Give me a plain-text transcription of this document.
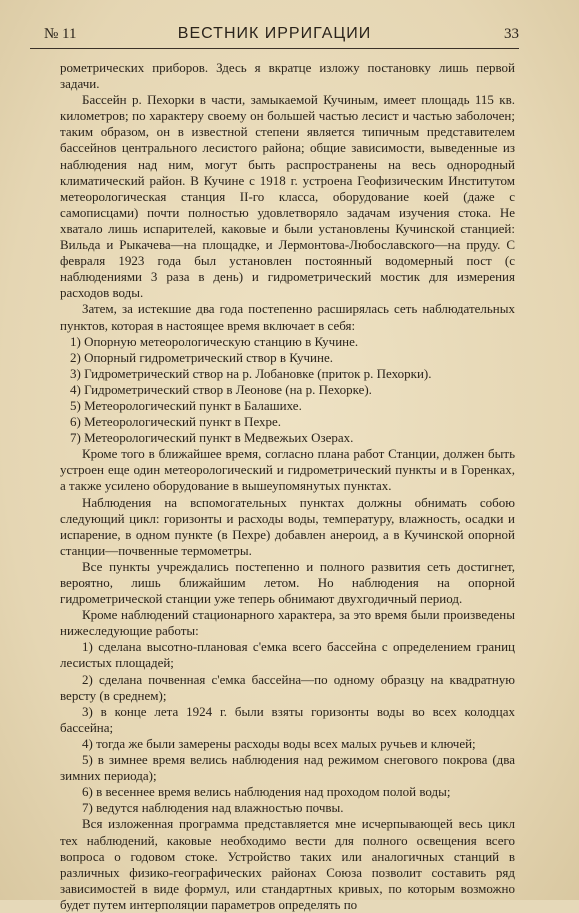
№ 11	ВЕСТНИК ИРРИГАЦИИ	33

рометрических приборов. Здесь я вкратце изложу постановку лишь первой задачи.

Бассейн р. Пехорки в части, замыкаемой Кучиным, имеет площадь 115 кв. километров; по характеру своему он большей частью лесист и частью заболочен; таким образом, он в известной степени является типичным представителем бассейнов центрального лесистого района; общие зависимости, выведенные из наблюдения над ним, могут быть распространены на весь однородный климатический район. В Кучине с 1918 г. устроена Геофизическим Институтом метеорологическая станция II-го класса, оборудование коей (даже с самописцами) почти полностью удовлетворяло задачам изучения стока. Не хватало лишь испарителей, каковые и были установлены Кучинской станцией: Вильда и Рыкачева—на площадке, и Лермонтова-Любославского—на пруду. С февраля 1923 года был установлен постоянный водомерный пост (с наблюдениями 3 раза в день) и гидрометрический мостик для измерения расходов воды.

Затем, за истекшие два года постепенно расширялась сеть наблюдательных пунктов, которая в настоящее время включает в себя:

1) Опорную метеорологическую станцию в Кучине.

2) Опорный гидрометрический створ в Кучине.

3) Гидрометрический створ на р. Лобановке (приток р. Пехорки).

4) Гидрометрический створ в Леонове (на р. Пехорке).

5) Метеорологический пункт в Балашихе.

6) Метеорологический пункт в Пехре.

7) Метеорологический пункт в Медвежьих Озерах.

Кроме того в ближайшее время, согласно плана работ Станции, должен быть устроен еще один метеорологический и гидрометрический пункты и в Горенках, а также усилено оборудование в вышеупомянутых пунктах.

Наблюдения на вспомогательных пунктах должны обнимать собою следующий цикл: горизонты и расходы воды, температуру, влажность, осадки и испарение, в одном пункте (в Пехре) добавлен анероид, а в Кучинской опорной станции—почвенные термометры.

Все пункты учреждались постепенно и полного развития сеть достигнет, вероятно, лишь ближайшим летом. Но наблюдения на опорной гидрометрической станции уже теперь обнимают двухгодичный период.

Кроме наблюдений стационарного характера, за это время были произведены нижеследующие работы:

1) сделана высотно-плановая с'емка всего бассейна с определением границ лесистых площадей;

2) сделана почвенная с'емка бассейна—по одному образцу на квадратную версту (в среднем);

3) в конце лета 1924 г. были взяты горизонты воды во всех колодцах бассейна;

4) тогда же были замерены расходы воды всех малых ручьев и ключей;

5) в зимнее время велись наблюдения над режимом снегового покрова (два зимних периода);

6) в весеннее время велись наблюдения над проходом полой воды;

7) ведутся наблюдения над влажностью почвы.

Вся изложенная программа представляется мне исчерпывающей весь цикл тех наблюдений, каковые необходимо вести для полного освещения всего вопроса о годовом стоке. Устройство таких или аналогичных станций в различных физико-географических районах Союза позволит составить ряд зависимостей в виде формул, или стандартных кривых, по которым возможно будет путем интерполяции параметров определять по
